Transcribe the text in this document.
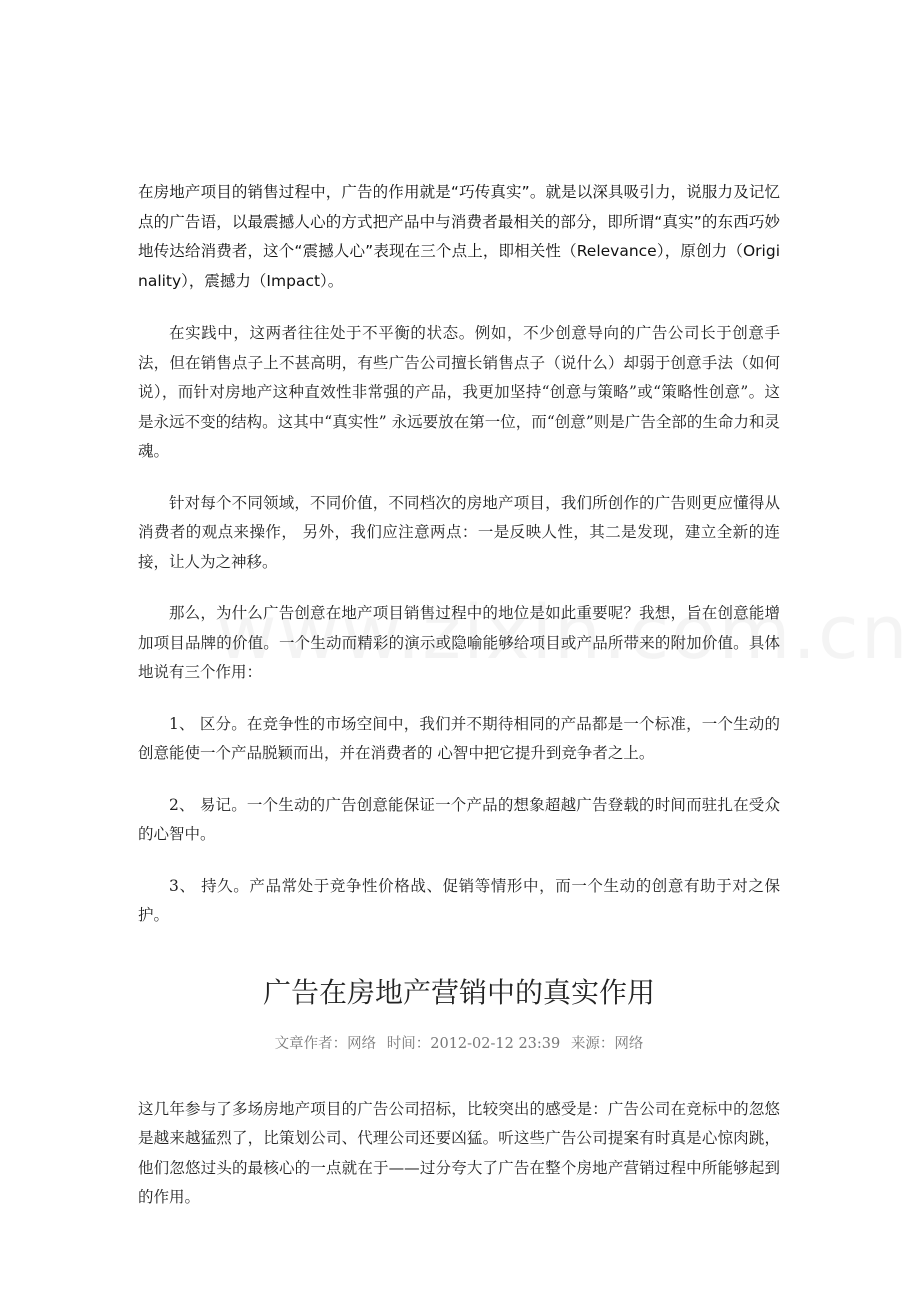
在房地产项目的销售过程中，广告的作用就是“巧传真实”。就是以深具吸引力，说服力及记忆点的广告语，以最震撼人心的方式把产品中与消费者最相关的部分，即所谓“真实”的东西巧妙地传达给消费者，这个“震撼人心”表现在三个点上，即相关性（Relevance），原创力（Originality），震撼力（Impact）。

在实践中，这两者往往处于不平衡的状态。例如，不少创意导向的广告公司长于创意手法，但在销售点子上不甚高明，有些广告公司擅长销售点子（说什么）却弱于创意手法（如何说），而针对房地产这种直效性非常强的产品，我更加坚持“创意与策略”或“策略性创意”。这是永远不变的结构。这其中“真实性” 永远要放在第一位，而“创意”则是广告全部的生命力和灵魂。

针对每个不同领域，不同价值，不同档次的房地产项目，我们所创作的广告则更应懂得从消费者的观点来操作， 另外，我们应注意两点：一是反映人性，其二是发现，建立全新的连接，让人为之神移。

那么，为什么广告创意在地产项目销售过程中的地位是如此重要呢？我想，旨在创意能增加项目品牌的价值。一个生动而精彩的演示或隐喻能够给项目或产品所带来的附加价值。具体地说有三个作用：

1、 区分。在竞争性的市场空间中，我们并不期待相同的产品都是一个标准，一个生动的创意能使一个产品脱颖而出，并在消费者的 心智中把它提升到竞争者之上。

2、 易记。一个生动的广告创意能保证一个产品的想象超越广告登载的时间而驻扎在受众的心智中。

3、 持久。产品常处于竞争性价格战、促销等情形中，而一个生动的创意有助于对之保护。

广告在房地产营销中的真实作用
文章作者：网络 时间：2012-02-12 23:39 来源：网络

这几年参与了多场房地产项目的广告公司招标，比较突出的感受是：广告公司在竞标中的忽悠是越来越猛烈了，比策划公司、代理公司还要凶猛。听这些广告公司提案有时真是心惊肉跳，他们忽悠过头的最核心的一点就在于——过分夸大了广告在整个房地产营销过程中所能够起到的作用。
